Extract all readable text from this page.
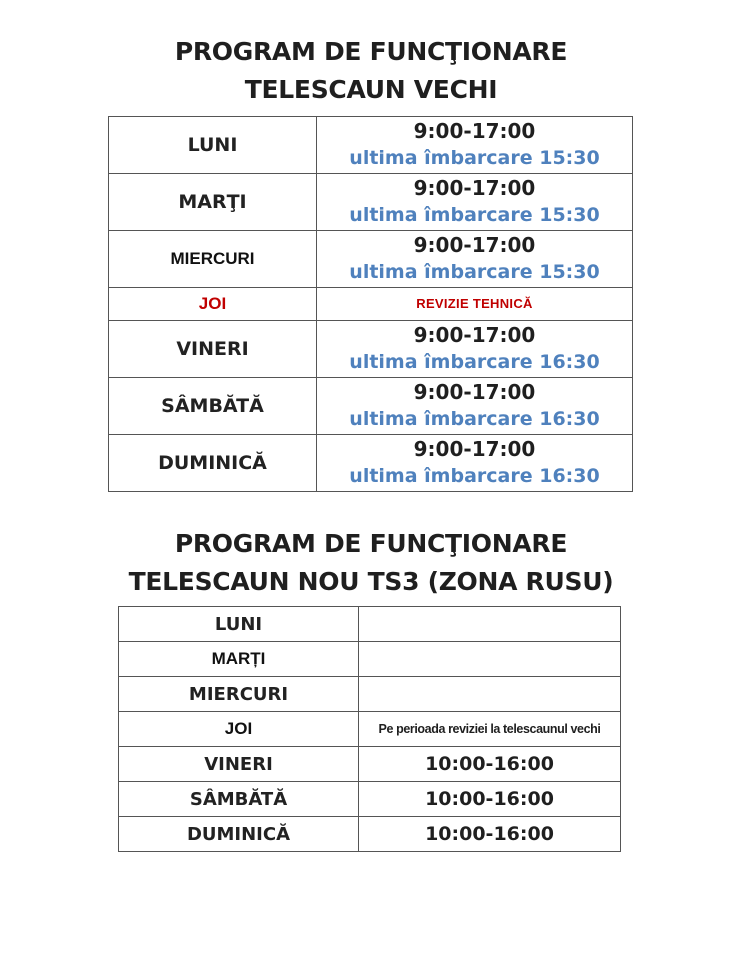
PROGRAM DE FUNCŢIONARE
TELESCAUN VECHI
LUNI	9:00-17:00
ultima îmbarcare 15:30

MARŢI	9:00-17:00
ultima îmbarcare 15:30

MIERCURI	9:00-17:00
ultima îmbarcare 15:30

JOI	REVIZIE TEHNICĂ
VINERI	9:00-17:00
ultima îmbarcare 16:30

SÂMBĂTĂ	9:00-17:00
ultima îmbarcare 16:30

DUMINICĂ	9:00-17:00
ultima îmbarcare 16:30
PROGRAM DE FUNCŢIONARE
TELESCAUN NOU TS3 (ZONA RUSU)
LUNI	
MARȚI	
MIERCURI	
JOI	Pe perioada reviziei la telescaunul vechi
VINERI	10:00-16:00
SÂMBĂTĂ	10:00-16:00
DUMINICĂ	10:00-16:00
